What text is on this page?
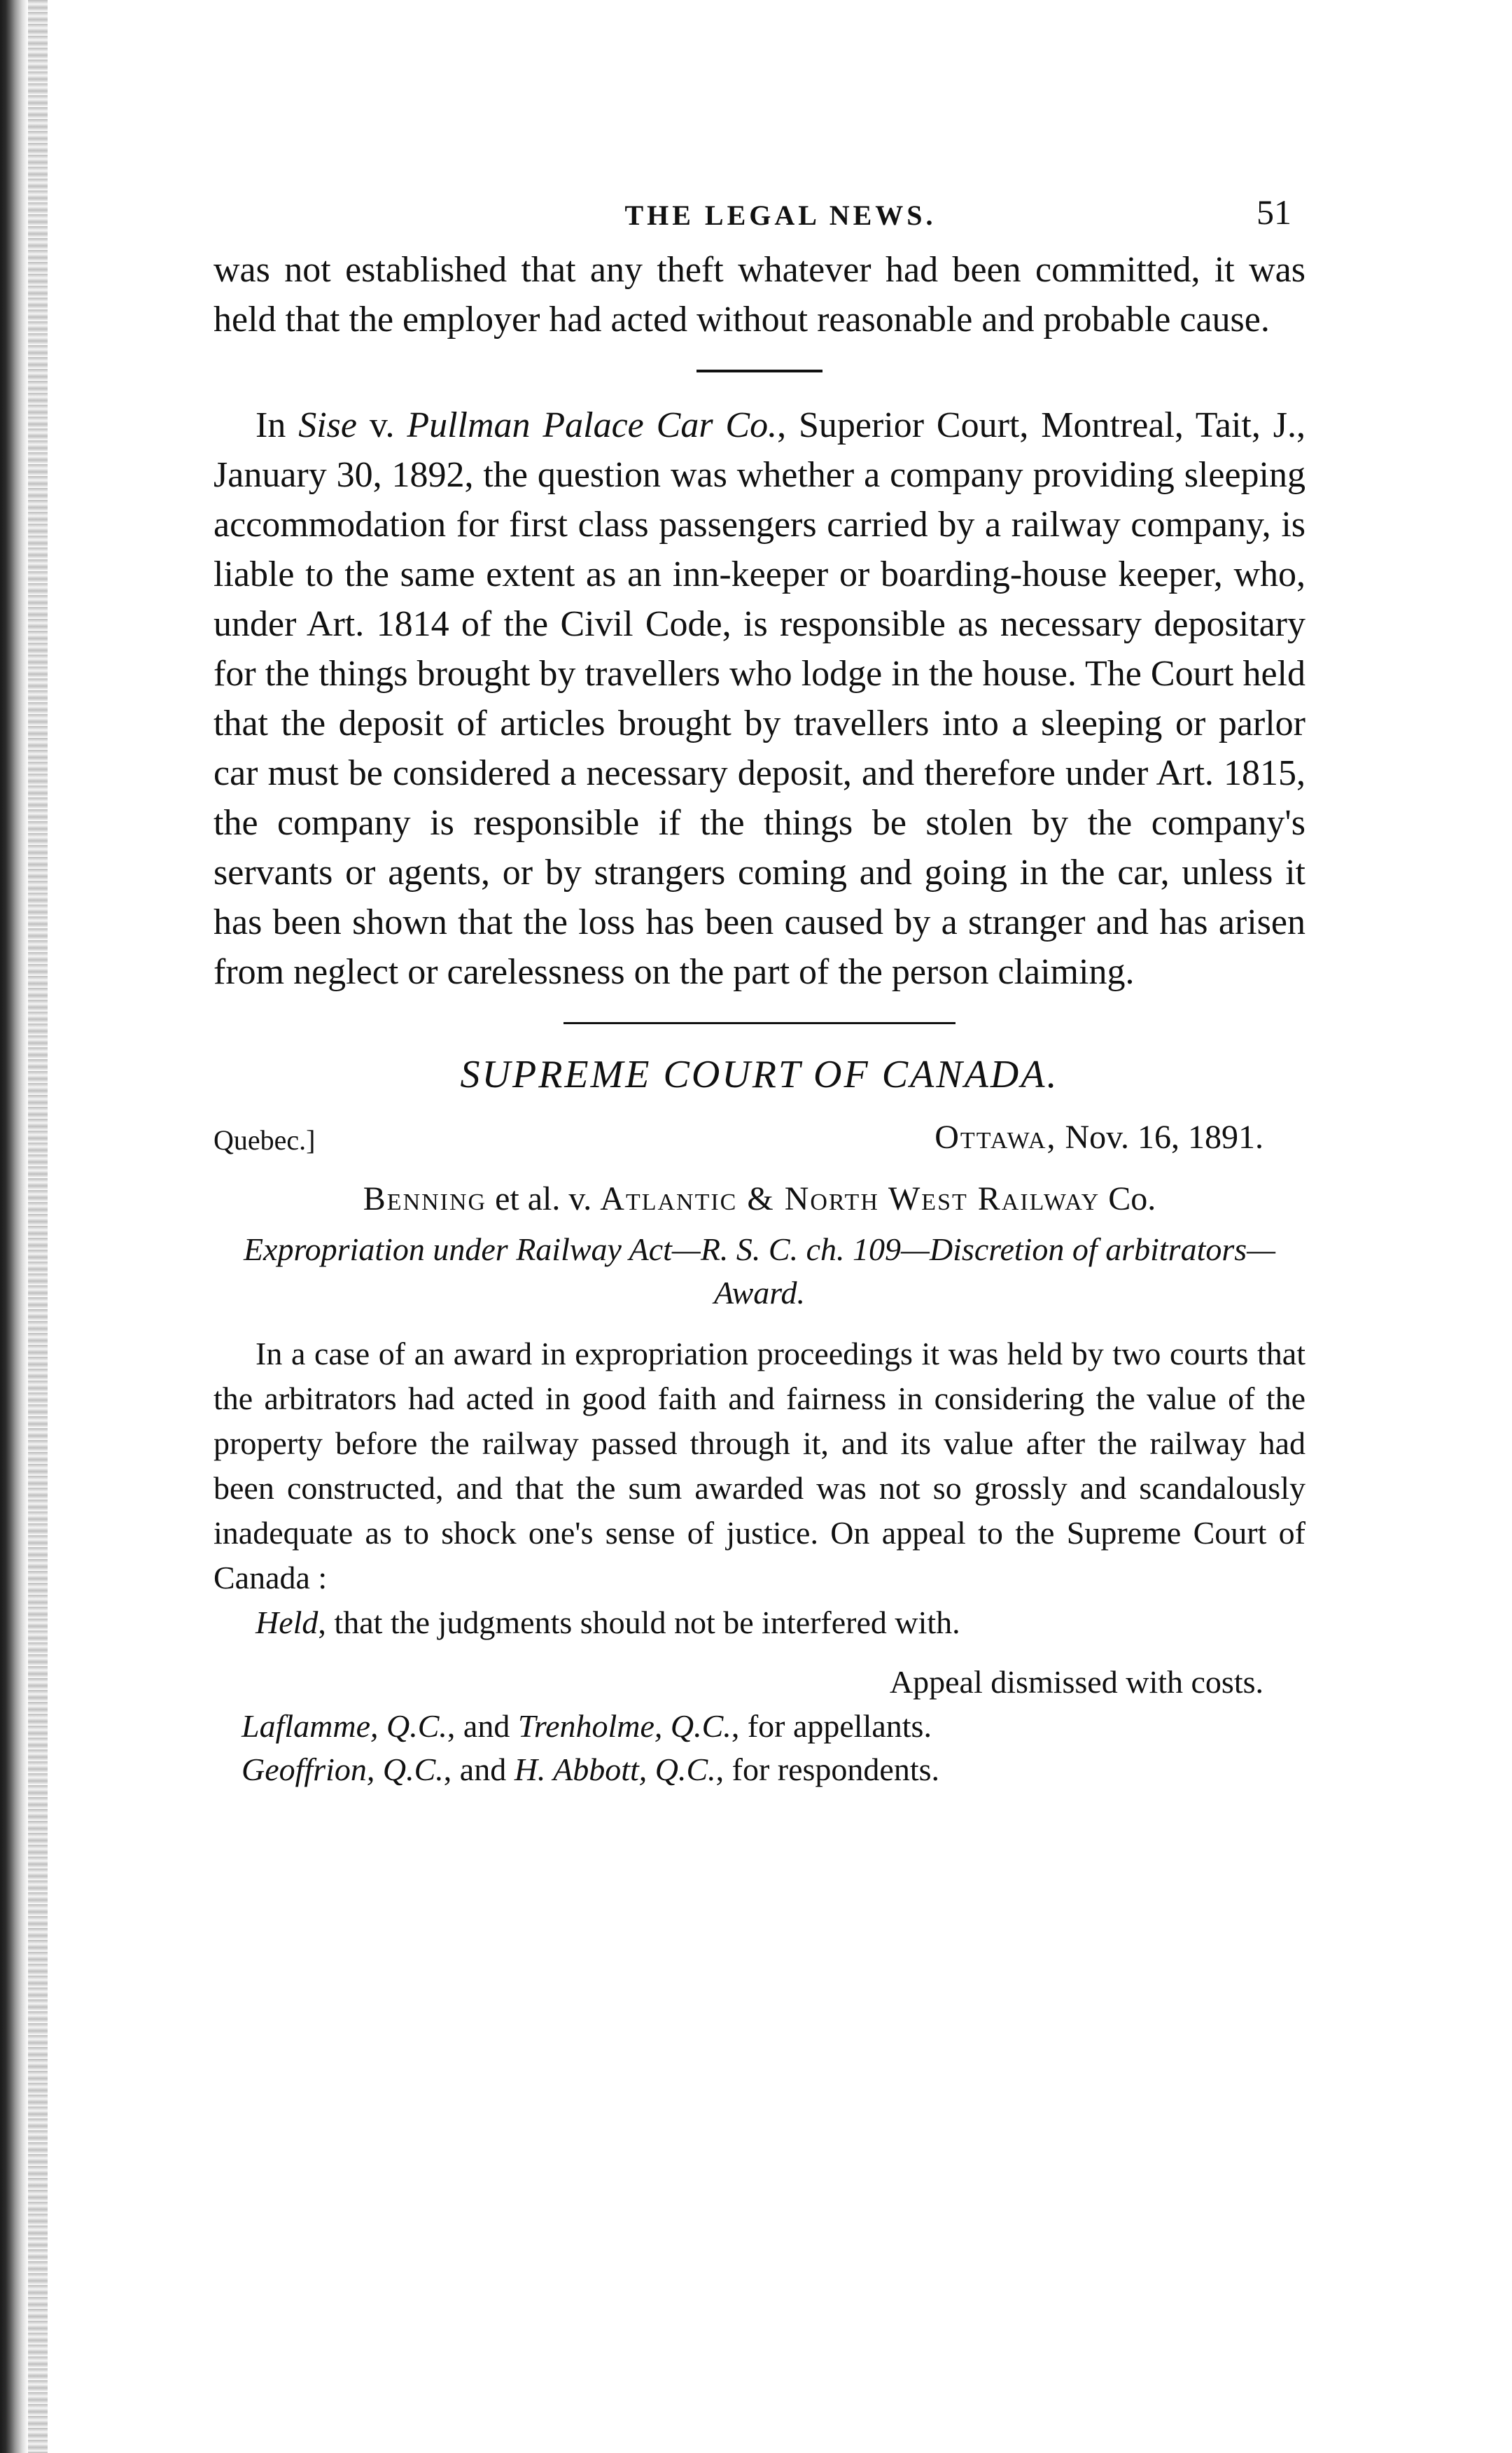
THE LEGAL NEWS.	51

was not established that any theft whatever had been committed, it was held that the employer had acted without reasonable and probable cause.

In Sise v. Pullman Palace Car Co., Superior Court, Montreal, Tait, J., January 30, 1892, the question was whether a company providing sleeping accommodation for first class passengers carried by a railway company, is liable to the same extent as an inn-keeper or boarding-house keeper, who, under Art. 1814 of the Civil Code, is responsible as necessary depositary for the things brought by travellers who lodge in the house. The Court held that the deposit of articles brought by travellers into a sleeping or parlor car must be considered a necessary deposit, and therefore under Art. 1815, the company is responsible if the things be stolen by the company's servants or agents, or by strangers coming and going in the car, unless it has been shown that the loss has been caused by a stranger and has arisen from neglect or carelessness on the part of the person claiming.

SUPREME COURT OF CANADA.
Quebec.]	Ottawa, Nov. 16, 1891.
Benning et al. v. Atlantic & North West Railway Co.
Expropriation under Railway Act—R. S. C. ch. 109—Discretion of arbitrators—Award.

In a case of an award in expropriation proceedings it was held by two courts that the arbitrators had acted in good faith and fairness in considering the value of the property before the railway passed through it, and its value after the railway had been constructed, and that the sum awarded was not so grossly and scandalously inadequate as to shock one's sense of justice. On appeal to the Supreme Court of Canada :

Held, that the judgments should not be interfered with.

Appeal dismissed with costs.
Laflamme, Q.C., and Trenholme, Q.C., for appellants.
Geoffrion, Q.C., and H. Abbott, Q.C., for respondents.
